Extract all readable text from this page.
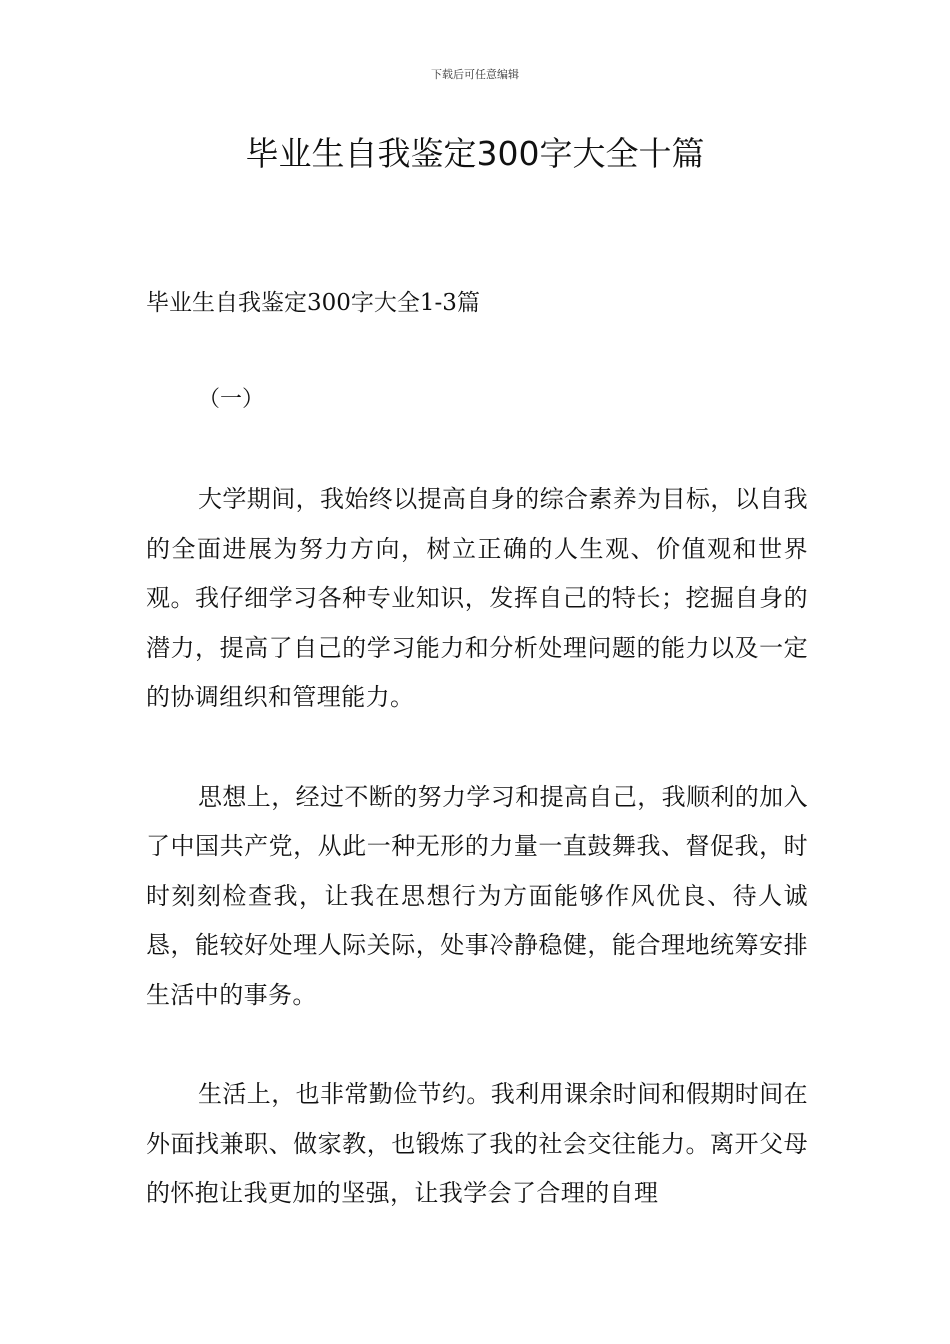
下载后可任意编辑
毕业生自我鉴定300字大全十篇
毕业生自我鉴定300字大全1-3篇
（一）

大学期间，我始终以提高自身的综合素养为目标，以自我的全面进展为努力方向，树立正确的人生观、价值观和世界观。我仔细学习各种专业知识，发挥自己的特长；挖掘自身的潜力，提高了自己的学习能力和分析处理问题的能力以及一定的协调组织和管理能力。

思想上，经过不断的努力学习和提高自己，我顺利的加入了中国共产党，从此一种无形的力量一直鼓舞我、督促我，时时刻刻检查我，让我在思想行为方面能够作风优良、待人诚恳，能较好处理人际关际，处事冷静稳健，能合理地统筹安排生活中的事务。

生活上，也非常勤俭节约。我利用课余时间和假期时间在外面找兼职、做家教，也锻炼了我的社会交往能力。离开父母的怀抱让我更加的坚强，让我学会了合理的自理
